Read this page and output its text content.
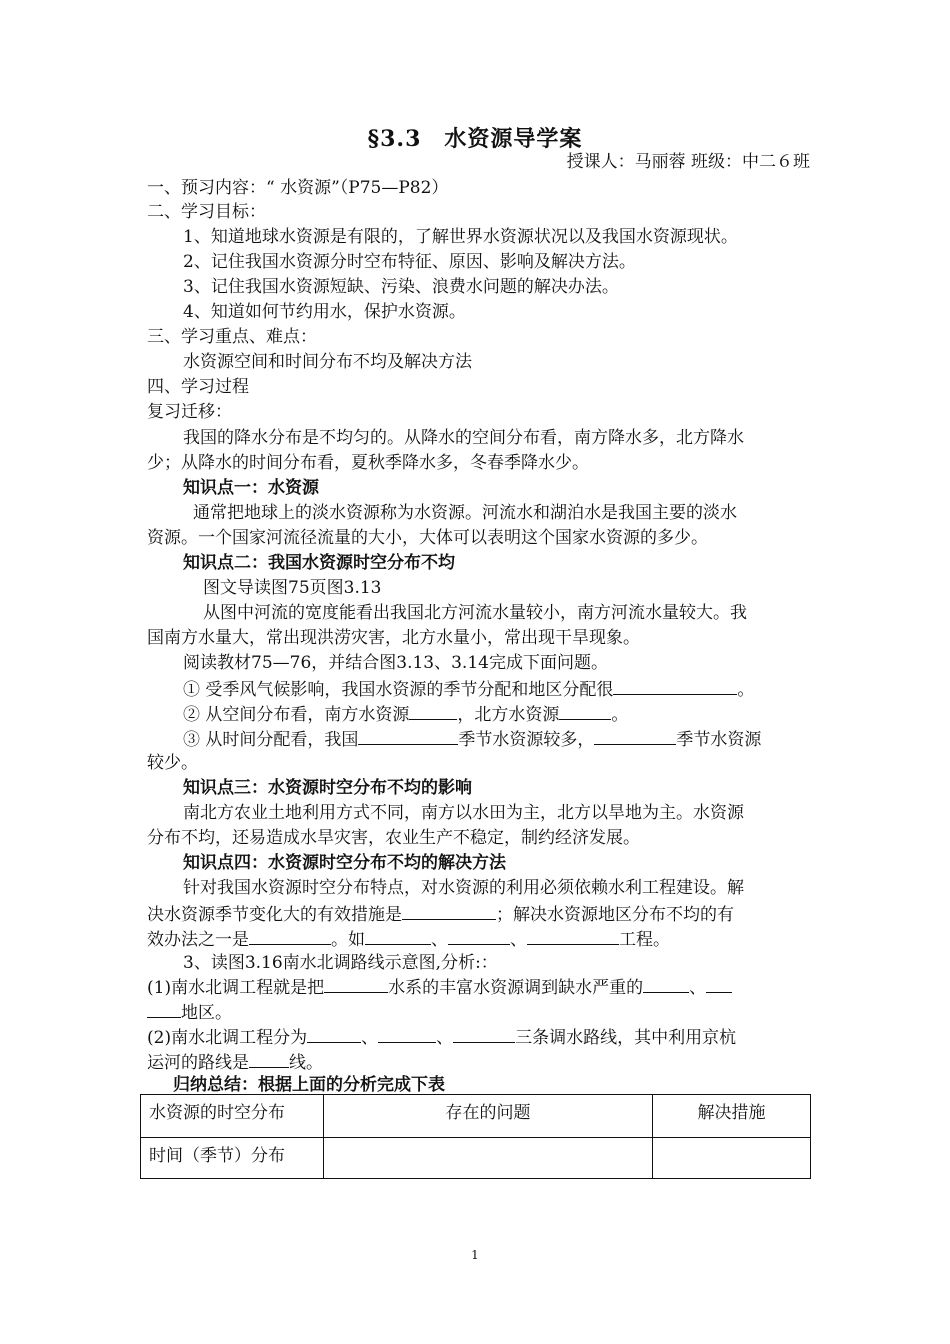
§3.3　水资源导学案
授课人：马丽蓉 班级：中二６班
一、预习内容：“ 水资源”（P75—P82）
二、学习目标：
1、知道地球水资源是有限的，了解世界水资源状况以及我国水资源现状。
2、记住我国水资源分时空布特征、原因、影响及解决方法。
3、记住我国水资源短缺、污染、浪费水问题的解决办法。
4、知道如何节约用水，保护水资源。
三、学习重点、难点：
水资源空间和时间分布不均及解决方法
四、学习过程
复习迁移：
我国的降水分布是不均匀的。从降水的空间分布看，南方降水多，北方降水
少；从降水的时间分布看，夏秋季降水多，冬春季降水少。
知识点一：水资源
通常把地球上的淡水资源称为水资源。河流水和湖泊水是我国主要的淡水
资源。一个国家河流径流量的大小，大体可以表明这个国家水资源的多少。
知识点二：我国水资源时空分布不均
图文导读图75页图3.13
从图中河流的宽度能看出我国北方河流水量较小，南方河流水量较大。我
国南方水量大，常出现洪涝灾害，北方水量小，常出现干旱现象。
阅读教材75—76，并结合图3.13、3.14完成下面问题。
① 受季风气候影响，我国水资源的季节分配和地区分配很	。
② 从空间分布看，南方水资源	，北方水资源	。
③ 从时间分配看，我国	季节水资源较多，	季节水资源
较少。
知识点三：水资源时空分布不均的影响
南北方农业土地利用方式不同，南方以水田为主，北方以旱地为主。水资源
分布不均，还易造成水旱灾害，农业生产不稳定，制约经济发展。
知识点四：水资源时空分布不均的解决方法
针对我国水资源时空分布特点，对水资源的利用必须依赖水利工程建设。解
决水资源季节变化大的有效措施是	；解决水资源地区分布不均的有
效办法之一是	。如	、	、	工程。
3、读图3.16南水北调路线示意图,分析:：
(1)南水北调工程就是把	水系的丰富水资源调到缺水严重的	、
地区。
(2)南水北调工程分为	、	、	三条调水路线，其中利用京杭
运河的路线是 线。
归纳总结：根据上面的分析完成下表
水资源的时空分布	存在的问题	解决措施
时间（季节）分布		
1
